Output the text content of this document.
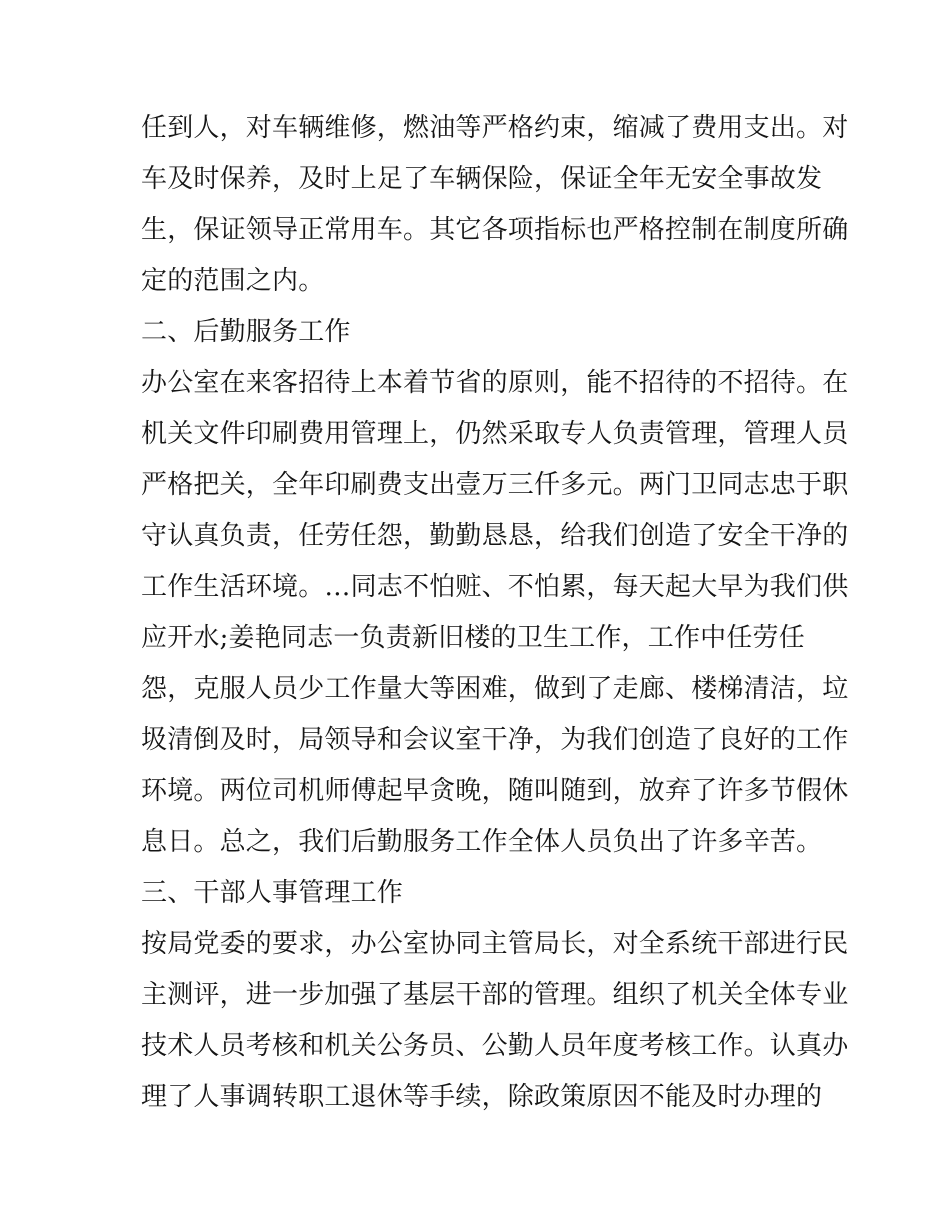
任到人，对车辆维修，燃油等严格约束，缩减了费用支出。对
车及时保养，及时上足了车辆保险，保证全年无安全事故发
生，保证领导正常用车。其它各项指标也严格控制在制度所确
定的范围之内。
二、后勤服务工作
办公室在来客招待上本着节省的原则，能不招待的不招待。在
机关文件印刷费用管理上，仍然采取专人负责管理，管理人员
严格把关，全年印刷费支出壹万三仟多元。两门卫同志忠于职
守认真负责，任劳任怨，勤勤恳恳，给我们创造了安全干净的
工作生活环境。…同志不怕赃、不怕累，每天起大早为我们供
应开水;姜艳同志一负责新旧楼的卫生工作，工作中任劳任
怨，克服人员少工作量大等困难，做到了走廊、楼梯清洁，垃
圾清倒及时，局领导和会议室干净，为我们创造了良好的工作
环境。两位司机师傅起早贪晚，随叫随到，放弃了许多节假休
息日。总之，我们后勤服务工作全体人员负出了许多辛苦。
三、干部人事管理工作
按局党委的要求，办公室协同主管局长，对全系统干部进行民
主测评，进一步加强了基层干部的管理。组织了机关全体专业
技术人员考核和机关公务员、公勤人员年度考核工作。认真办
理了人事调转职工退休等手续，除政策原因不能及时办理的
